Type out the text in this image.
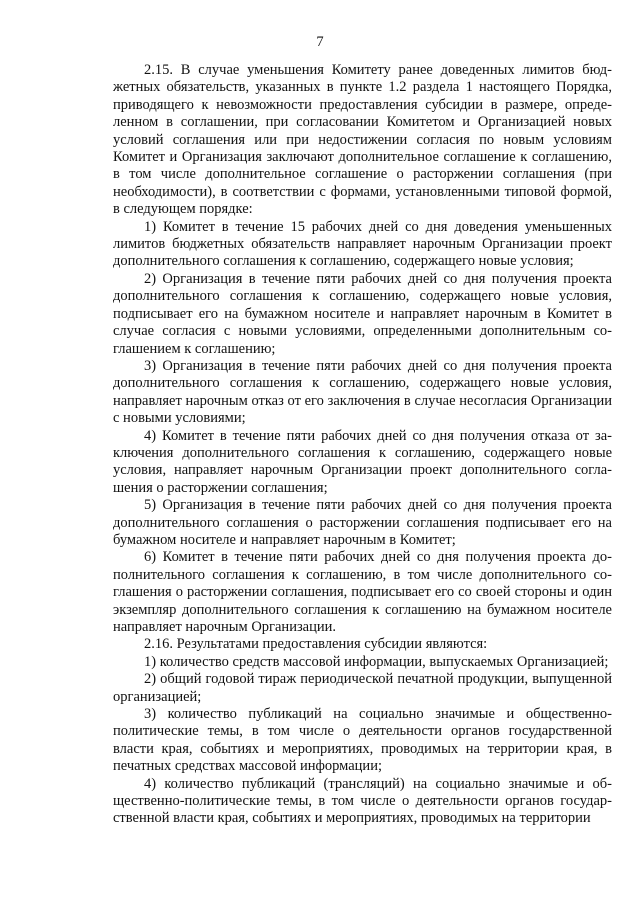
7

2.15. В случае уменьшения Комитету ранее доведенных лимитов бюджетных обязательств, указанных в пункте 1.2 раздела 1 настоящего Порядка, приводящего к невозможности предоставления субсидии в размере, определенном в соглашении, при согласовании Комитетом и Организацией новых условий соглашения или при недостижении согласия по новым условиям Комитет и Организация заключают дополнительное соглашение к соглашению, в том числе дополнительное соглашение о расторжении соглашения (при необходимости), в соответствии с формами, установленными типовой формой, в следующем порядке:

1) Комитет в течение 15 рабочих дней со дня доведения уменьшенных лимитов бюджетных обязательств направляет нарочным Организации проект дополнительного соглашения к соглашению, содержащего новые условия;

2) Организация в течение пяти рабочих дней со дня получения проекта дополнительного соглашения к соглашению, содержащего новые условия, подписывает его на бумажном носителе и направляет нарочным в Комитет в случае согласия с новыми условиями, определенными дополнительным соглашением к соглашению;

3) Организация в течение пяти рабочих дней со дня получения проекта дополнительного соглашения к соглашению, содержащего новые условия, направляет нарочным отказ от его заключения в случае несогласия Организации с новыми условиями;

4) Комитет в течение пяти рабочих дней со дня получения отказа от заключения дополнительного соглашения к соглашению, содержащего новые условия, направляет нарочным Организации проект дополнительного соглашения о расторжении соглашения;

5) Организация в течение пяти рабочих дней со дня получения проекта дополнительного соглашения о расторжении соглашения подписывает его на бумажном носителе и направляет нарочным в Комитет;

6) Комитет в течение пяти рабочих дней со дня получения проекта дополнительного соглашения к соглашению, в том числе дополнительного соглашения о расторжении соглашения, подписывает его со своей стороны и один экземпляр дополнительного соглашения к соглашению на бумажном носителе направляет нарочным Организации.

2.16. Результатами предоставления субсидии являются:

1) количество средств массовой информации, выпускаемых Организацией;

2) общий годовой тираж периодической печатной продукции, выпущенной организацией;

3) количество публикаций на социально значимые и общественно-политические темы, в том числе о деятельности органов государственной власти края, событиях и мероприятиях, проводимых на территории края, в печатных средствах массовой информации;

4) количество публикаций (трансляций) на социально значимые и общественно-политические темы, в том числе о деятельности органов государственной власти края, событиях и мероприятиях, проводимых на территории
